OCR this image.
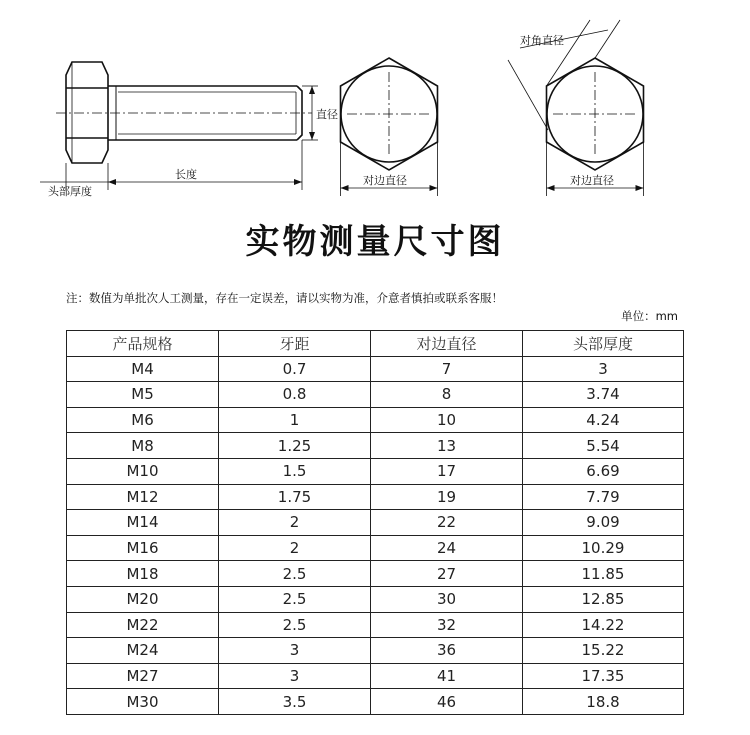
头部厚度
长度
直径
对边直径
对角直径
对边直径
实物测量尺寸图
注：数值为单批次人工测量，存在一定误差，请以实物为准，介意者慎拍或联系客服！
单位：mm
产品规格	牙距	对边直径	头部厚度
M4	0.7	7	3
M5	0.8	8	3.74
M6	1	10	4.24
M8	1.25	13	5.54
M10	1.5	17	6.69
M12	1.75	19	7.79
M14	2	22	9.09
M16	2	24	10.29
M18	2.5	27	11.85
M20	2.5	30	12.85
M22	2.5	32	14.22
M24	3	36	15.22
M27	3	41	17.35
M30	3.5	46	18.8
